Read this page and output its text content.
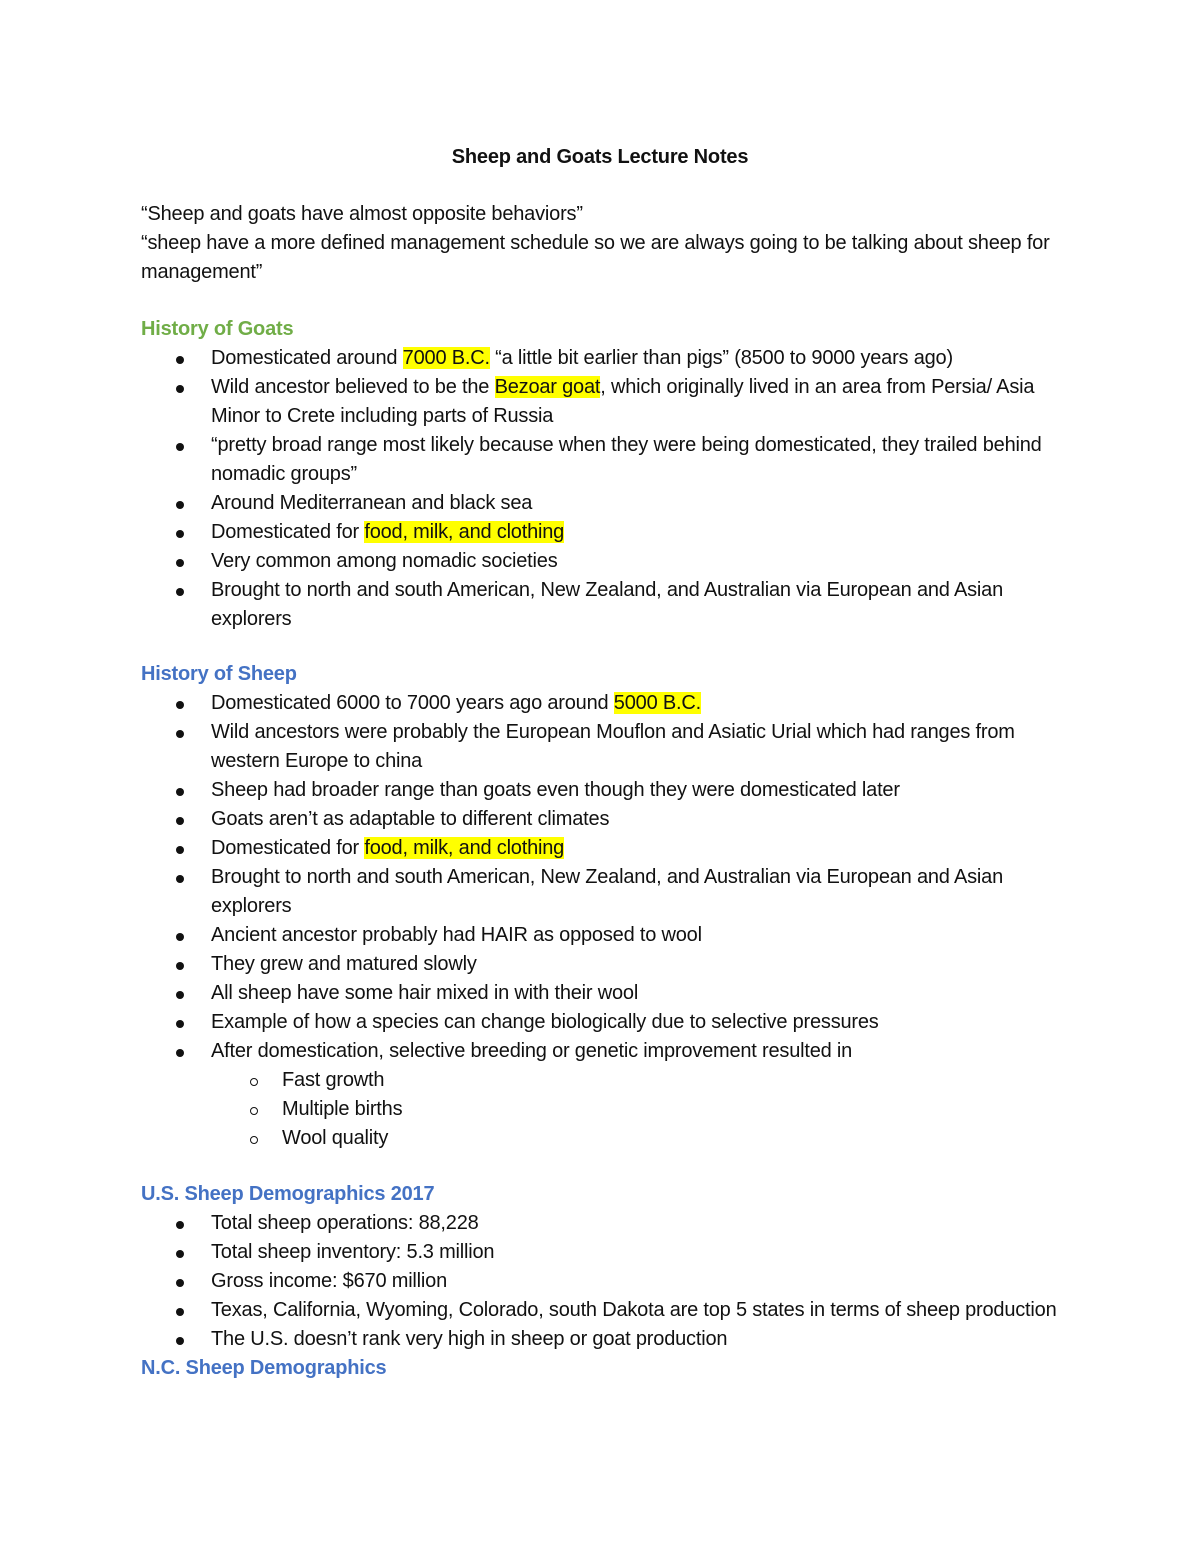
Sheep and Goats Lecture Notes
“Sheep and goats have almost opposite behaviors”
“sheep have a more defined management schedule so we are always going to be talking about sheep for management”
History of Goats
Domesticated around 7000 B.C. “a little bit earlier than pigs” (8500 to 9000 years ago)
Wild ancestor believed to be the Bezoar goat, which originally lived in an area from Persia/ Asia Minor to Crete including parts of Russia
“pretty broad range most likely because when they were being domesticated, they trailed behind nomadic groups”
Around Mediterranean and black sea
Domesticated for food, milk, and clothing
Very common among nomadic societies
Brought to north and south American, New Zealand, and Australian via European and Asian explorers
History of Sheep
Domesticated 6000 to 7000 years ago around 5000 B.C.
Wild ancestors were probably the European Mouflon and Asiatic Urial which had ranges from western Europe to china
Sheep had broader range than goats even though they were domesticated later
Goats aren’t as adaptable to different climates
Domesticated for food, milk, and clothing
Brought to north and south American, New Zealand, and Australian via European and Asian explorers
Ancient ancestor probably had HAIR as opposed to wool
They grew and matured slowly
All sheep have some hair mixed in with their wool
Example of how a species can change biologically due to selective pressures
After domestication, selective breeding or genetic improvement resulted in
Fast growth
Multiple births
Wool quality
U.S. Sheep Demographics 2017
Total sheep operations: 88,228
Total sheep inventory: 5.3 million
Gross income: $670 million
Texas, California, Wyoming, Colorado, south Dakota are top 5 states in terms of sheep production
The U.S. doesn’t rank very high in sheep or goat production
N.C. Sheep Demographics
